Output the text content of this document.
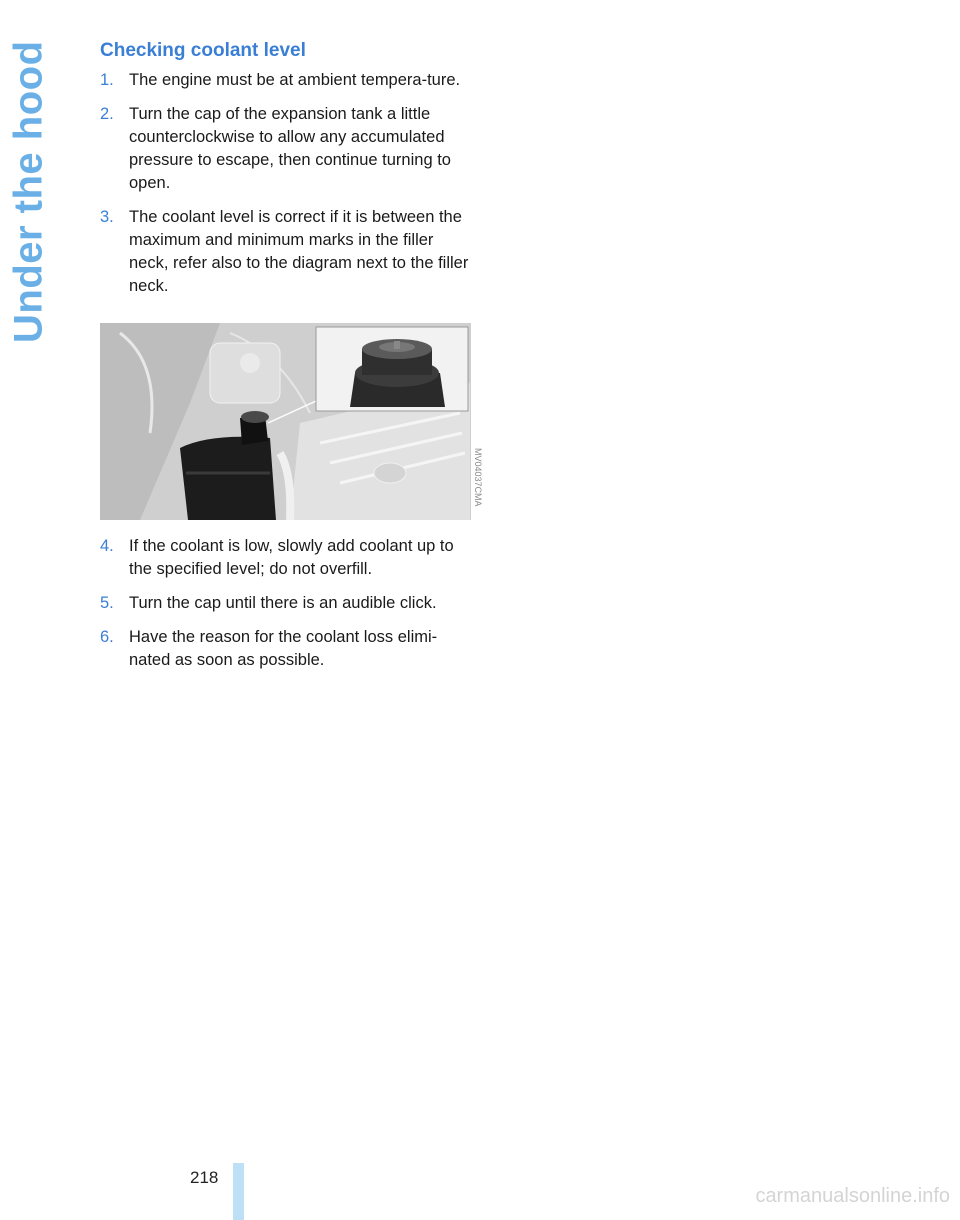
Under the hood	Checking coolant level
1. The engine must be at ambient tempera-ture.
2. Turn the cap of the expansion tank a little counterclockwise to allow any accumulated pressure to escape, then continue turning to open.
3. The coolant level is correct if it is between the maximum and minimum marks in the filler neck, refer also to the diagram next to the filler neck.
MV04037CMA
4. If the coolant is low, slowly add coolant up to the specified level; do not overfill.
5. Turn the cap until there is an audible click.
6. Have the reason for the coolant loss elimi-nated as soon as possible.
218
carmanualsonline.info
